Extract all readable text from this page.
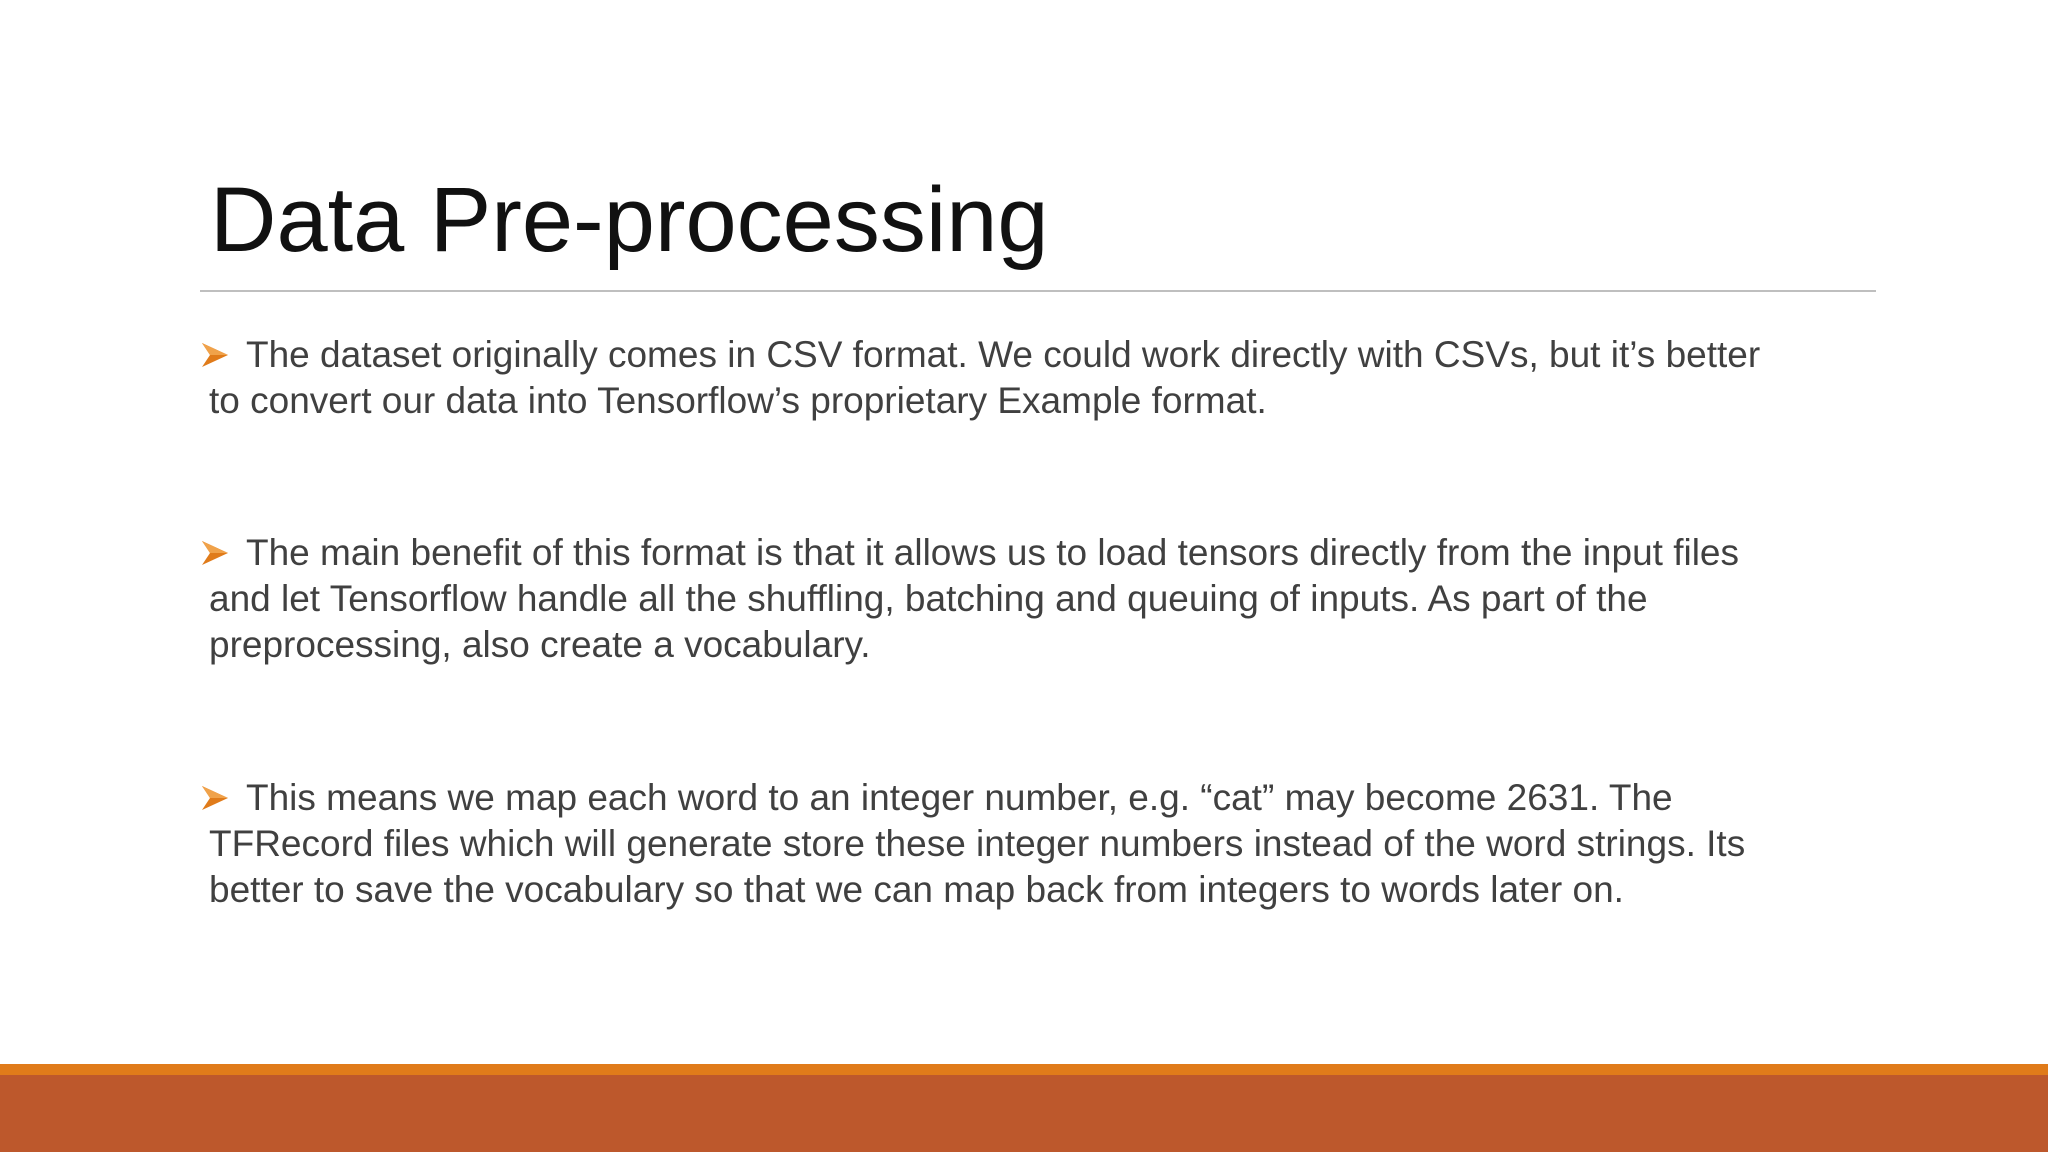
Data Pre-processing
The dataset originally comes in CSV format. We could work directly with CSVs, but it’s better
to convert our data into Tensorflow’s proprietary Example format.
The main benefit of this format is that it allows us to load tensors directly from the input files
and let Tensorflow handle all the shuffling, batching and queuing of inputs. As part of the
preprocessing, also create a vocabulary.
This means we map each word to an integer number, e.g. “cat” may become 2631. The
TFRecord files which will generate store these integer numbers instead of the word strings. Its
better to save the vocabulary so that we can map back from integers to words later on.
